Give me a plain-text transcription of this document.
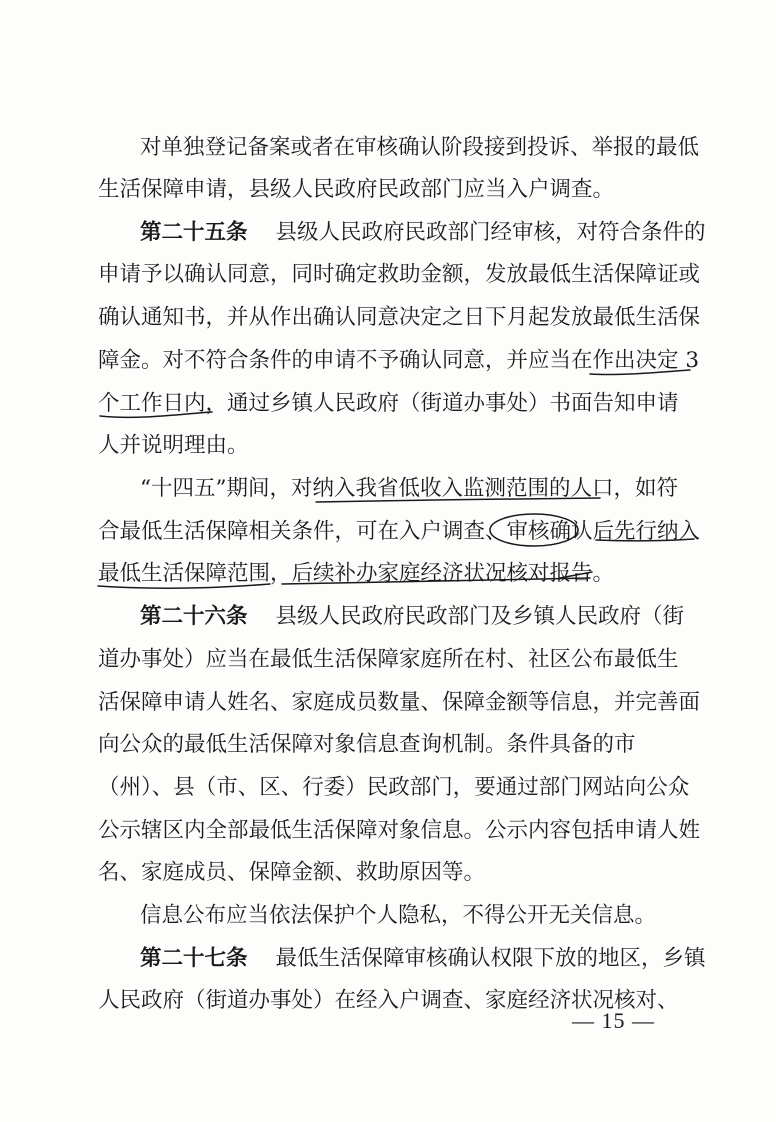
对单独登记备案或者在审核确认阶段接到投诉、举报的最低
生活保障申请，县级人民政府民政部门应当入户调查。
第二十五条 县级人民政府民政部门经审核，对符合条件的
申请予以确认同意，同时确定救助金额，发放最低生活保障证或
确认通知书，并从作出确认同意决定之日下月起发放最低生活保
障金。对不符合条件的申请不予确认同意，并应当在作出决定 3
个工作日内，通过乡镇人民政府（街道办事处）书面告知申请
人并说明理由。
“十四五”期间，对纳入我省低收入监测范围的人口，如符
合最低生活保障相关条件，可在入户调查、审核确认后先行纳入
最低生活保障范围，后续补办家庭经济状况核对报告。
第二十六条 县级人民政府民政部门及乡镇人民政府（街
道办事处）应当在最低生活保障家庭所在村、社区公布最低生
活保障申请人姓名、家庭成员数量、保障金额等信息，并完善面
向公众的最低生活保障对象信息查询机制。条件具备的市
（州）、县（市、区、行委）民政部门，要通过部门网站向公众
公示辖区内全部最低生活保障对象信息。公示内容包括申请人姓
名、家庭成员、保障金额、救助原因等。
信息公布应当依法保护个人隐私，不得公开无关信息。
第二十七条 最低生活保障审核确认权限下放的地区，乡镇
人民政府（街道办事处）在经入户调查、家庭经济状况核对、
— 15 —
